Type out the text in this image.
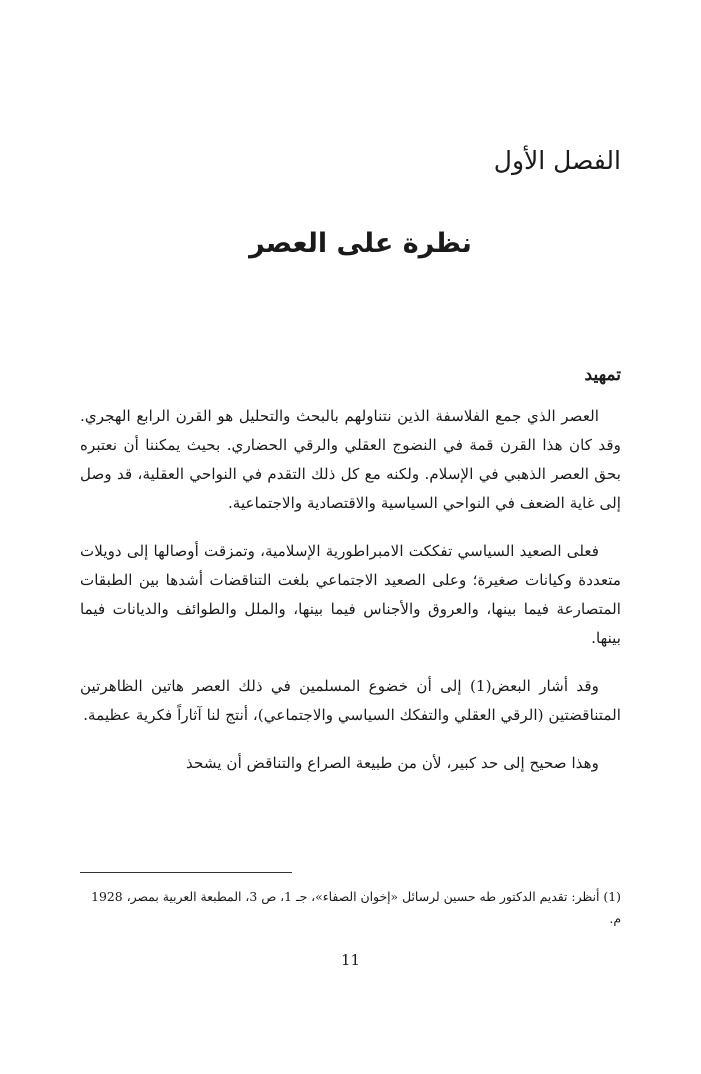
الفصل الأول
نظرة على العصر
تمهيد

العصر الذي جمع الفلاسفة الذين نتناولهم بالبحث والتحليل هو القرن الرابع الهجري. وقد كان هذا القرن قمة في النضوج العقلي والرقي الحضاري. بحيث يمكننا أن نعتبره بحق العصر الذهبي في الإسلام. ولكنه مع كل ذلك التقدم في النواحي العقلية، قد وصل إلى غاية الضعف في النواحي السياسية والاقتصادية والاجتماعية.

فعلى الصعيد السياسي تفككت الامبراطورية الإسلامية، وتمزقت أوصالها إلى دويلات متعددة وكيانات صغيرة؛ وعلى الصعيد الاجتماعي بلغت التناقضات أشدها بين الطبقات المتصارعة فيما بينها، والعروق والأجناس فيما بينها، والملل والطوائف والديانات فيما بينها.

وقد أشار البعض(1) إلى أن خضوع المسلمين في ذلك العصر هاتين الظاهرتين المتناقضتين (الرقي العقلي والتفكك السياسي والاجتماعي)، أنتج لنا آثاراً فكرية عظيمة.

وهذا صحيح إلى حد كبير، لأن من طبيعة الصراع والتناقض أن يشحذ

(1) أنظر: تقديم الدكتور طه حسين لرسائل «إخوان الصفاء»، جـ 1، ص 3، المطبعة العربية بمصر، 1928 م.
11
